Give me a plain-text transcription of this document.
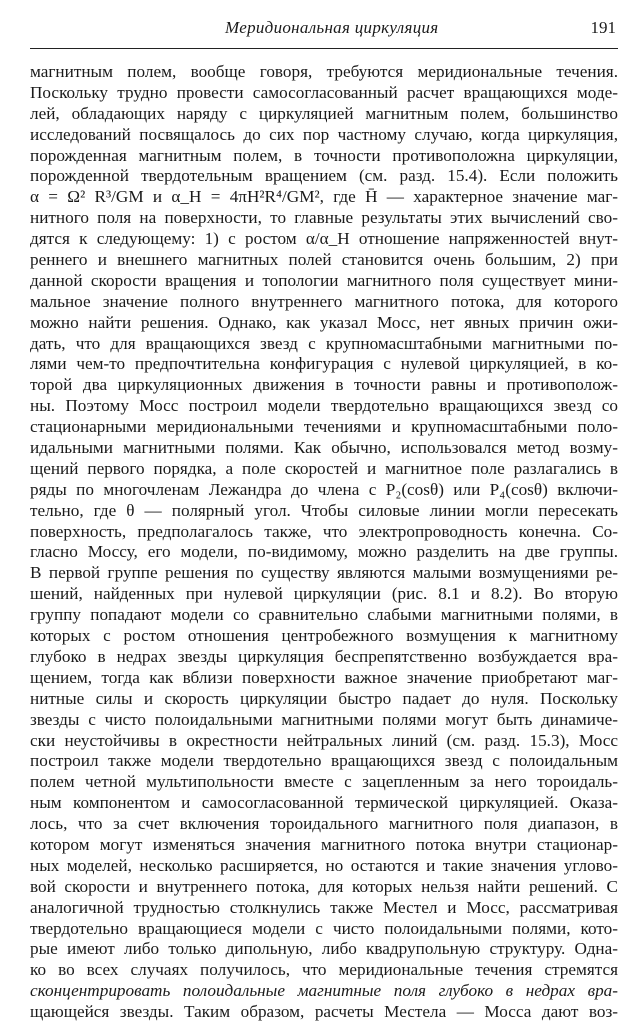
Меридиональная циркуляция	191
магнитным полем, вообще говоря, требуются меридиональные течения.
Поскольку трудно провести самосогласованный расчет вращающихся моде-
лей, обладающих наряду с циркуляцией магнитным полем, большинство
исследований посвящалось до сих пор частному случаю, когда циркуляция,
порожденная магнитным полем, в точности противоположна циркуляции,
порожденной твердотельным вращением (см. разд. 15.4). Если положить
α = Ω² R³/GM и α_H = 4πH²R⁴/GM², где H̄ — характерное значение маг-
нитного поля на поверхности, то главные результаты этих вычислений сво-
дятся к следующему: 1) с ростом α/α_H отношение напряженностей внут-
реннего и внешнего магнитных полей становится очень большим, 2) при
данной скорости вращения и топологии магнитного поля существует мини-
мальное значение полного внутреннего магнитного потока, для которого
можно найти решения. Однако, как указал Мосс, нет явных причин ожи-
дать, что для вращающихся звезд с крупномасштабными магнитными по-
лями чем-то предпочтительна конфигурация с нулевой циркуляцией, в ко-
торой два циркуляционных движения в точности равны и противополож-
ны. Поэтому Мосс построил модели твердотельно вращающихся звезд со
стационарными меридиональными течениями и крупномасштабными поло-
идальными магнитными полями. Как обычно, использовался метод возму-
щений первого порядка, а поле скоростей и магнитное поле разлагались в
ряды по многочленам Лежандра до члена с P₂(cosθ) или P₄(cosθ) включи-
тельно, где θ — полярный угол. Чтобы силовые линии могли пересекать
поверхность, предполагалось также, что электропроводность конечна. Со-
гласно Моссу, его модели, по-видимому, можно разделить на две группы.
В первой группе решения по существу являются малыми возмущениями ре-
шений, найденных при нулевой циркуляции (рис. 8.1 и 8.2). Во вторую
группу попадают модели со сравнительно слабыми магнитными полями, в
которых с ростом отношения центробежного возмущения к магнитному
глубоко в недрах звезды циркуляция беспрепятственно возбуждается вра-
щением, тогда как вблизи поверхности важное значение приобретают маг-
нитные силы и скорость циркуляции быстро падает до нуля. Поскольку
звезды с чисто полоидальными магнитными полями могут быть динамиче-
ски неустойчивы в окрестности нейтральных линий (см. разд. 15.3), Мосс
построил также модели твердотельно вращающихся звезд с полоидальным
полем четной мультипольности вместе с зацепленным за него тороидаль-
ным компонентом и самосогласованной термической циркуляцией. Оказа-
лось, что за счет включения тороидального магнитного поля диапазон, в
котором могут изменяться значения магнитного потока внутри стационар-
ных моделей, несколько расширяется, но остаются и такие значения углово-
вой скорости и внутреннего потока, для которых нельзя найти решений. С
аналогичной трудностью столкнулись также Местел и Мосс, рассматривая
твердотельно вращающиеся модели с чисто полоидальными полями, кото-
рые имеют либо только дипольную, либо квадрупольную структуру. Одна-
ко во всех случаях получилось, что меридиональные течения стремятся
сконцентрировать полоидальные магнитные поля глубоко в недрах вра-
щающейся звезды. Таким образом, расчеты Местела — Мосса дают воз-
